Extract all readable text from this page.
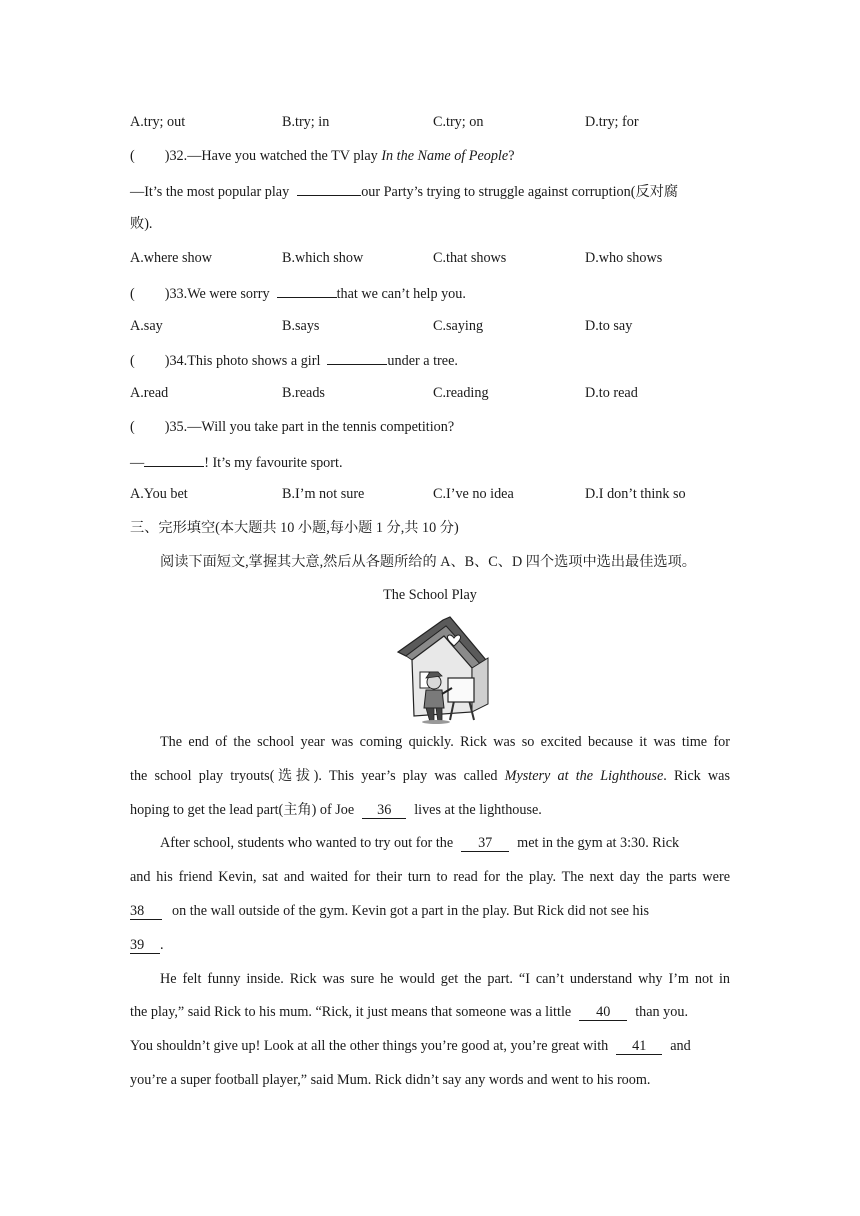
A.try; out	B.try; in	C.try; on	D.try; for
( )32.—Have you watched the TV play In the Name of People?
—It’s the most popular play	our Party’s trying to struggle against corruption(反对腐
败).
A.where show	B.which show	C.that shows	D.who shows
( )33.We were sorry	that we can’t help you.
A.say	B.says	C.saying	D.to say
( )34.This photo shows a girl	under a tree.
A.read	B.reads	C.reading	D.to read
( )35.—Will you take part in the tennis competition?
—	! It’s my favourite sport.
A.You bet	B.I’m not sure	C.I’ve no idea	D.I don’t think so
三、完形填空(本大题共 10 小题,每小题 1 分,共 10 分)
阅读下面短文,掌握其大意,然后从各题所给的 A、B、C、D 四个选项中选出最佳选项。
The School Play
The end of the school year was coming quickly. Rick was so excited because it was time for
the school play tryouts(选拔). This year’s play was called Mystery at the Lighthouse. Rick was
hoping to get the lead part(主角) of Joe 36 lives at the lighthouse.
After school, students who wanted to try out for the 37 met in the gym at 3:30. Rick
and his friend Kevin, sat and waited for their turn to read for the play. The next day the parts were
38 on the wall outside of the gym. Kevin got a part in the play. But Rick did not see his
39 .
He felt funny inside. Rick was sure he would get the part. “I can’t understand why I’m not in
the play,” said Rick to his mum. “Rick, it just means that someone was a little 40 than you.
You shouldn’t give up! Look at all the other things you’re good at, you’re great with 41 and
you’re a super football player,” said Mum. Rick didn’t say any words and went to his room.
